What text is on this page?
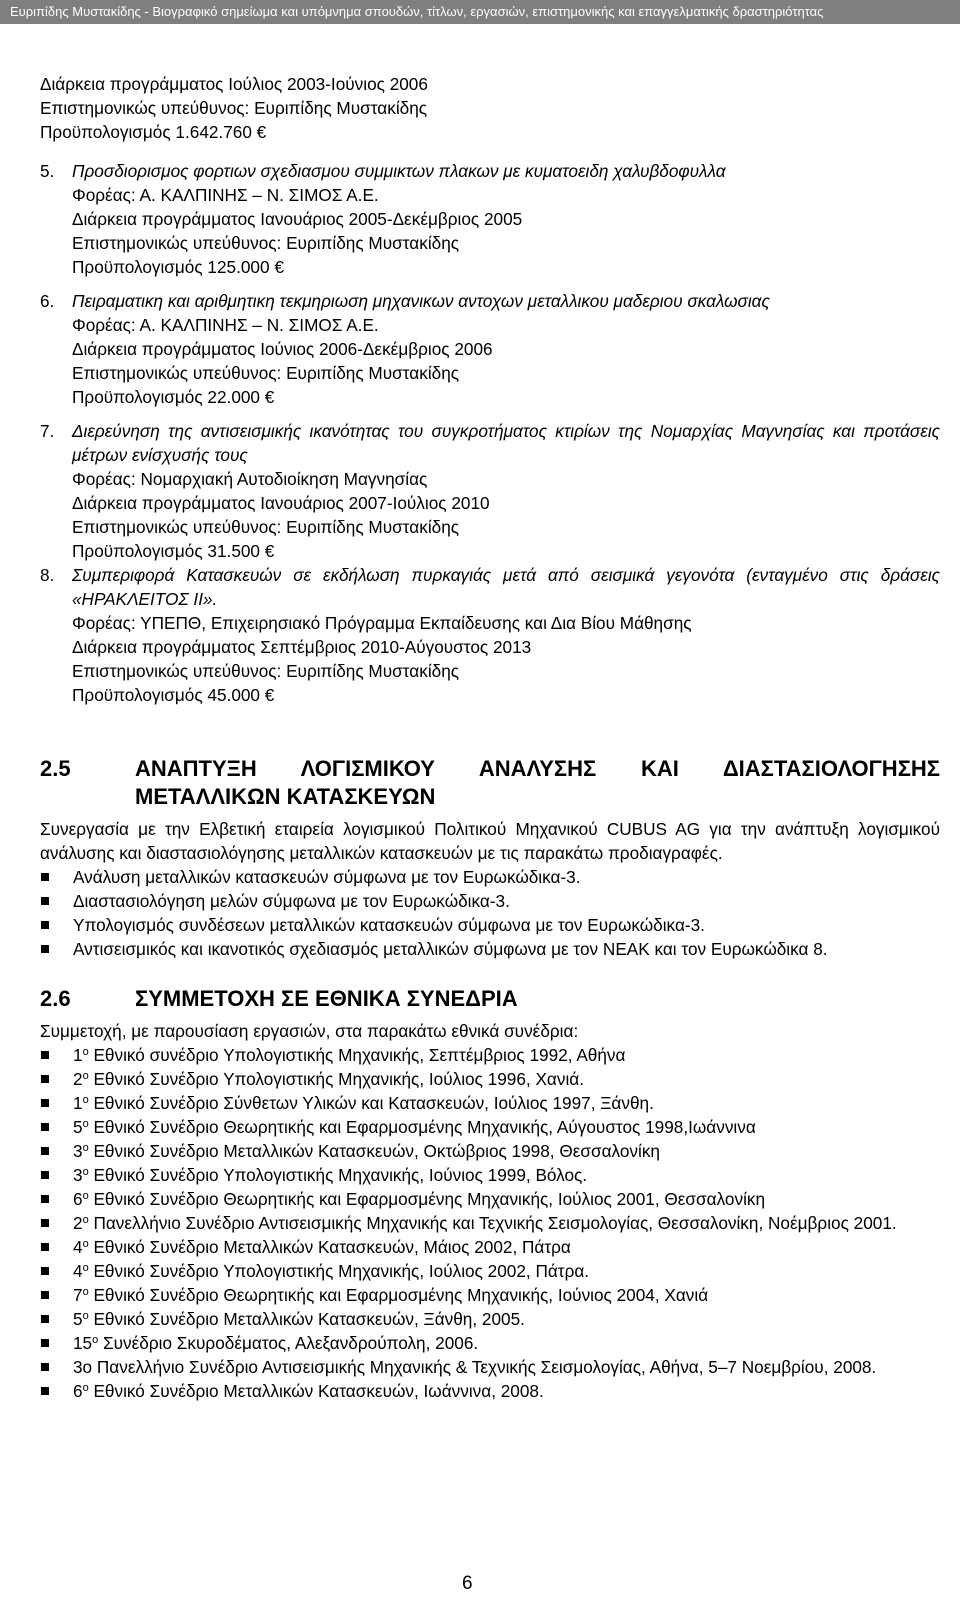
Ευριπίδης Μυστακίδης - Βιογραφικό σημείωμα και υπόμνημα σπουδών, τίτλων, εργασιών, επιστημονικής και επαγγελματικής δραστηριότητας

Διάρκεια προγράμματος Ιούλιος 2003-Ιούνιος 2006

Επιστημονικώς υπεύθυνος: Ευριπίδης Μυστακίδης

Προϋπολογισμός 1.642.760 €

5. Προσδιορισμος φορτιων σχεδιασμου συμμικτων πλακων με κυματοειδη χαλυβδοφυλλα

Φορέας: Α. ΚΑΛΠΙΝΗΣ – Ν. ΣΙΜΟΣ Α.Ε.

Διάρκεια προγράμματος Ιανουάριος 2005-Δεκέμβριος 2005

Επιστημονικώς υπεύθυνος: Ευριπίδης Μυστακίδης

Προϋπολογισμός 125.000 €

6. Πειραματικη και αριθμητικη τεκμηριωση μηχανικων αντοχων μεταλλικου μαδεριου σκαλωσιας

Φορέας: Α. ΚΑΛΠΙΝΗΣ – Ν. ΣΙΜΟΣ Α.Ε.

Διάρκεια προγράμματος Ιούνιος 2006-Δεκέμβριος 2006

Επιστημονικώς υπεύθυνος: Ευριπίδης Μυστακίδης

Προϋπολογισμός 22.000 €

7. Διερεύνηση της αντισεισμικής ικανότητας του συγκροτήματος κτιρίων της Νομαρχίας Μαγνησίας και προτάσεις μέτρων ενίσχυσής τους

Φορέας: Νομαρχιακή Αυτοδιοίκηση Μαγνησίας

Διάρκεια προγράμματος Ιανουάριος 2007-Ιούλιος 2010

Επιστημονικώς υπεύθυνος: Ευριπίδης Μυστακίδης

Προϋπολογισμός 31.500 €

8. Συμπεριφορά Κατασκευών σε εκδήλωση πυρκαγιάς μετά από σεισμικά γεγονότα (ενταγμένο στις δράσεις «ΗΡΑΚΛΕΙΤΟΣ ΙΙ».

Φορέας: ΥΠΕΠΘ, Επιχειρησιακό Πρόγραμμα Εκπαίδευσης και Δια Βίου Μάθησης

Διάρκεια προγράμματος Σεπτέμβριος 2010-Αύγουστος 2013

Επιστημονικώς υπεύθυνος: Ευριπίδης Μυστακίδης

Προϋπολογισμός 45.000 €

2.5	ΑΝΑΠΤΥΞΗ ΛΟΓΙΣΜΙΚΟΥ ΑΝΑΛΥΣΗΣ ΚΑΙ ΔΙΑΣΤΑΣΙΟΛΟΓΗΣΗΣ

ΜΕΤΑΛΛΙΚΩΝ ΚΑΤΑΣΚΕΥΩΝ

Συνεργασία με την Ελβετική εταιρεία λογισμικού Πολιτικού Μηχανικού CUBUS AG για την ανάπτυξη λογισμικού ανάλυσης και διαστασιολόγησης μεταλλικών κατασκευών με τις παρακάτω προδιαγραφές.

Ανάλυση μεταλλικών κατασκευών σύμφωνα με τον Ευρωκώδικα-3.
Διαστασιολόγηση μελών σύμφωνα με τον Ευρωκώδικα-3.
Υπολογισμός συνδέσεων μεταλλικών κατασκευών σύμφωνα με τον Ευρωκώδικα-3.
Αντισεισμικός και ικανοτικός σχεδιασμός μεταλλικών σύμφωνα με τον ΝΕΑΚ και τον Ευρωκώδικα 8.
2.6	ΣΥΜΜΕΤΟΧΗ ΣΕ ΕΘΝΙΚΑ ΣΥΝΕΔΡΙΑ

Συμμετοχή, με παρουσίαση εργασιών, στα παρακάτω εθνικά συνέδρια:

$1^o$ Εθνικό συνέδριο Υπολογιστικής Μηχανικής, Σεπτέμβριος 1992, Αθήνα
$2^o$ Εθνικό Συνέδριο Υπολογιστικής Μηχανικής, Ιούλιος 1996, Χανιά.
$1^o$ Εθνικό Συνέδριο Σύνθετων Υλικών και Κατασκευών, Ιούλιος 1997, Ξάνθη.
$5^o$ Εθνικό Συνέδριο Θεωρητικής και Εφαρμοσμένης Μηχανικής, Αύγουστος 1998,Ιωάννινα
$3^o$ Εθνικό Συνέδριο Μεταλλικών Κατασκευών, Οκτώβριος 1998, Θεσσαλονίκη
$3^o$ Εθνικό Συνέδριο Υπολογιστικής Μηχανικής, Ιούνιος 1999, Βόλος.
$6^o$ Εθνικό Συνέδριο Θεωρητικής και Εφαρμοσμένης Μηχανικής, Ιούλιος 2001, Θεσσαλονίκη
$2^o$ Πανελλήνιο Συνέδριο Αντισεισμικής Μηχανικής και Τεχνικής Σεισμολογίας, Θεσσαλονίκη, Νοέμβριος 2001.
$4^o$ Εθνικό Συνέδριο Μεταλλικών Κατασκευών, Μάιος 2002, Πάτρα
$4^o$ Εθνικό Συνέδριο Υπολογιστικής Μηχανικής, Ιούλιος 2002, Πάτρα.
$7^o$ Εθνικό Συνέδριο Θεωρητικής και Εφαρμοσμένης Μηχανικής, Ιούνιος 2004, Χανιά
$5^o$ Εθνικό Συνέδριο Μεταλλικών Κατασκευών, Ξάνθη, 2005.
$15^o$ Συνέδριο Σκυροδέματος, Αλεξανδρούπολη, 2006.
3ο Πανελλήνιο Συνέδριο Αντισεισμικής Μηχανικής & Τεχνικής Σεισμολογίας, Αθήνα, 5–7 Νοεμβρίου, 2008.
$6^o$ Εθνικό Συνέδριο Μεταλλικών Κατασκευών, Ιωάννινα, 2008.
6
